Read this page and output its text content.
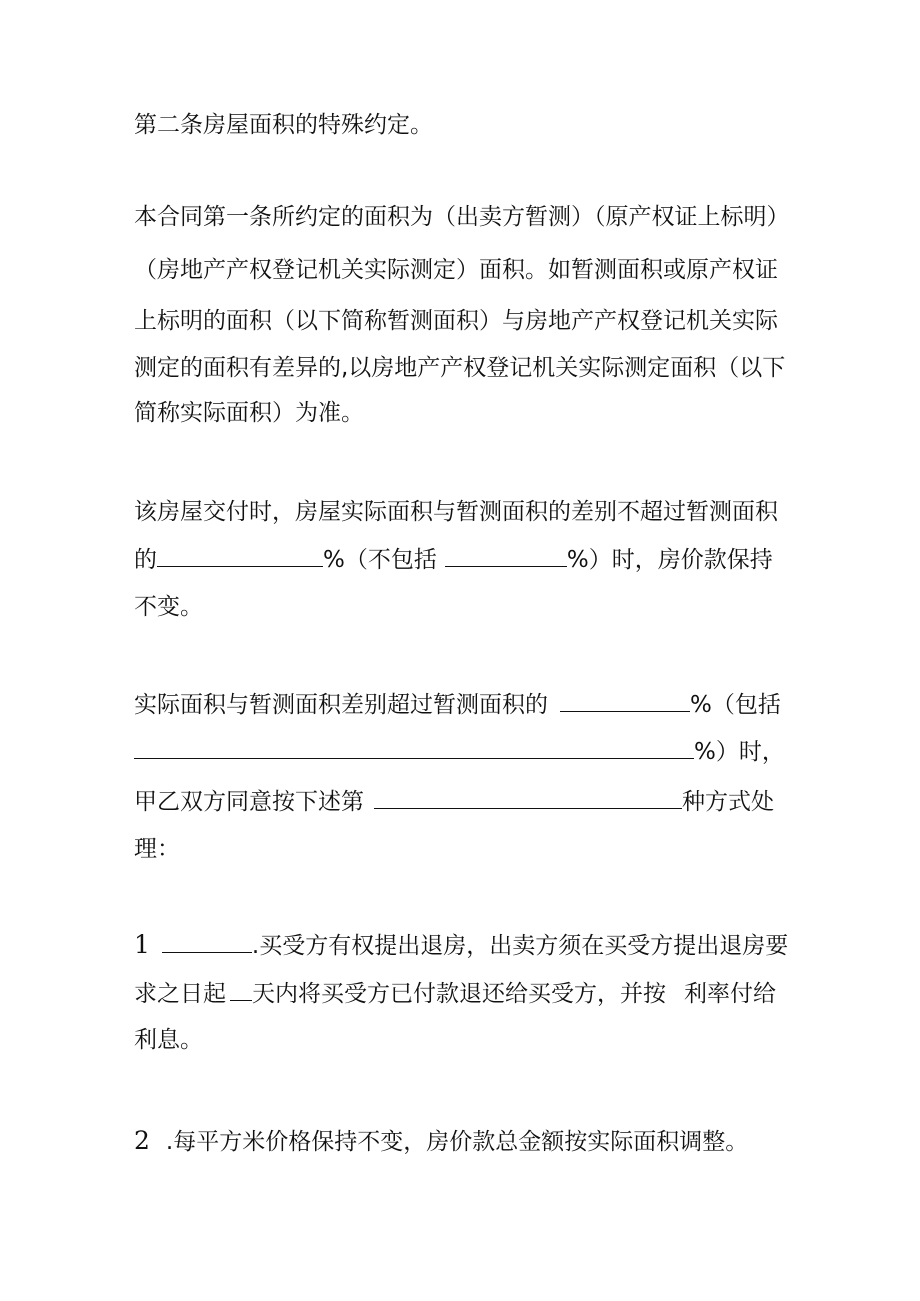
第二条房屋面积的特殊约定。
本合同第一条所约定的面积为（出卖方暂测）（原产权证上标明）
（房地产产权登记机关实际测定）面积。如暂测面积或原产权证
上标明的面积（以下简称暂测面积）与房地产产权登记机关实际
测定的面积有差异的,以房地产产权登记机关实际测定面积（以下
简称实际面积）为准。
该房屋交付时，房屋实际面积与暂测面积的差别不超过暂测面积
的	%（不包括	%）时，房价款保持
不变。
实际面积与暂测面积差别超过暂测面积的	%（包括
%）时，
甲乙双方同意按下述第	种方式处
理：
1	.买受方有权提出退房，出卖方须在买受方提出退房要
求之日起 天内将买受方已付款退还给买受方，并按 利率付给
利息。
2 .每平方米价格保持不变，房价款总金额按实际面积调整。
